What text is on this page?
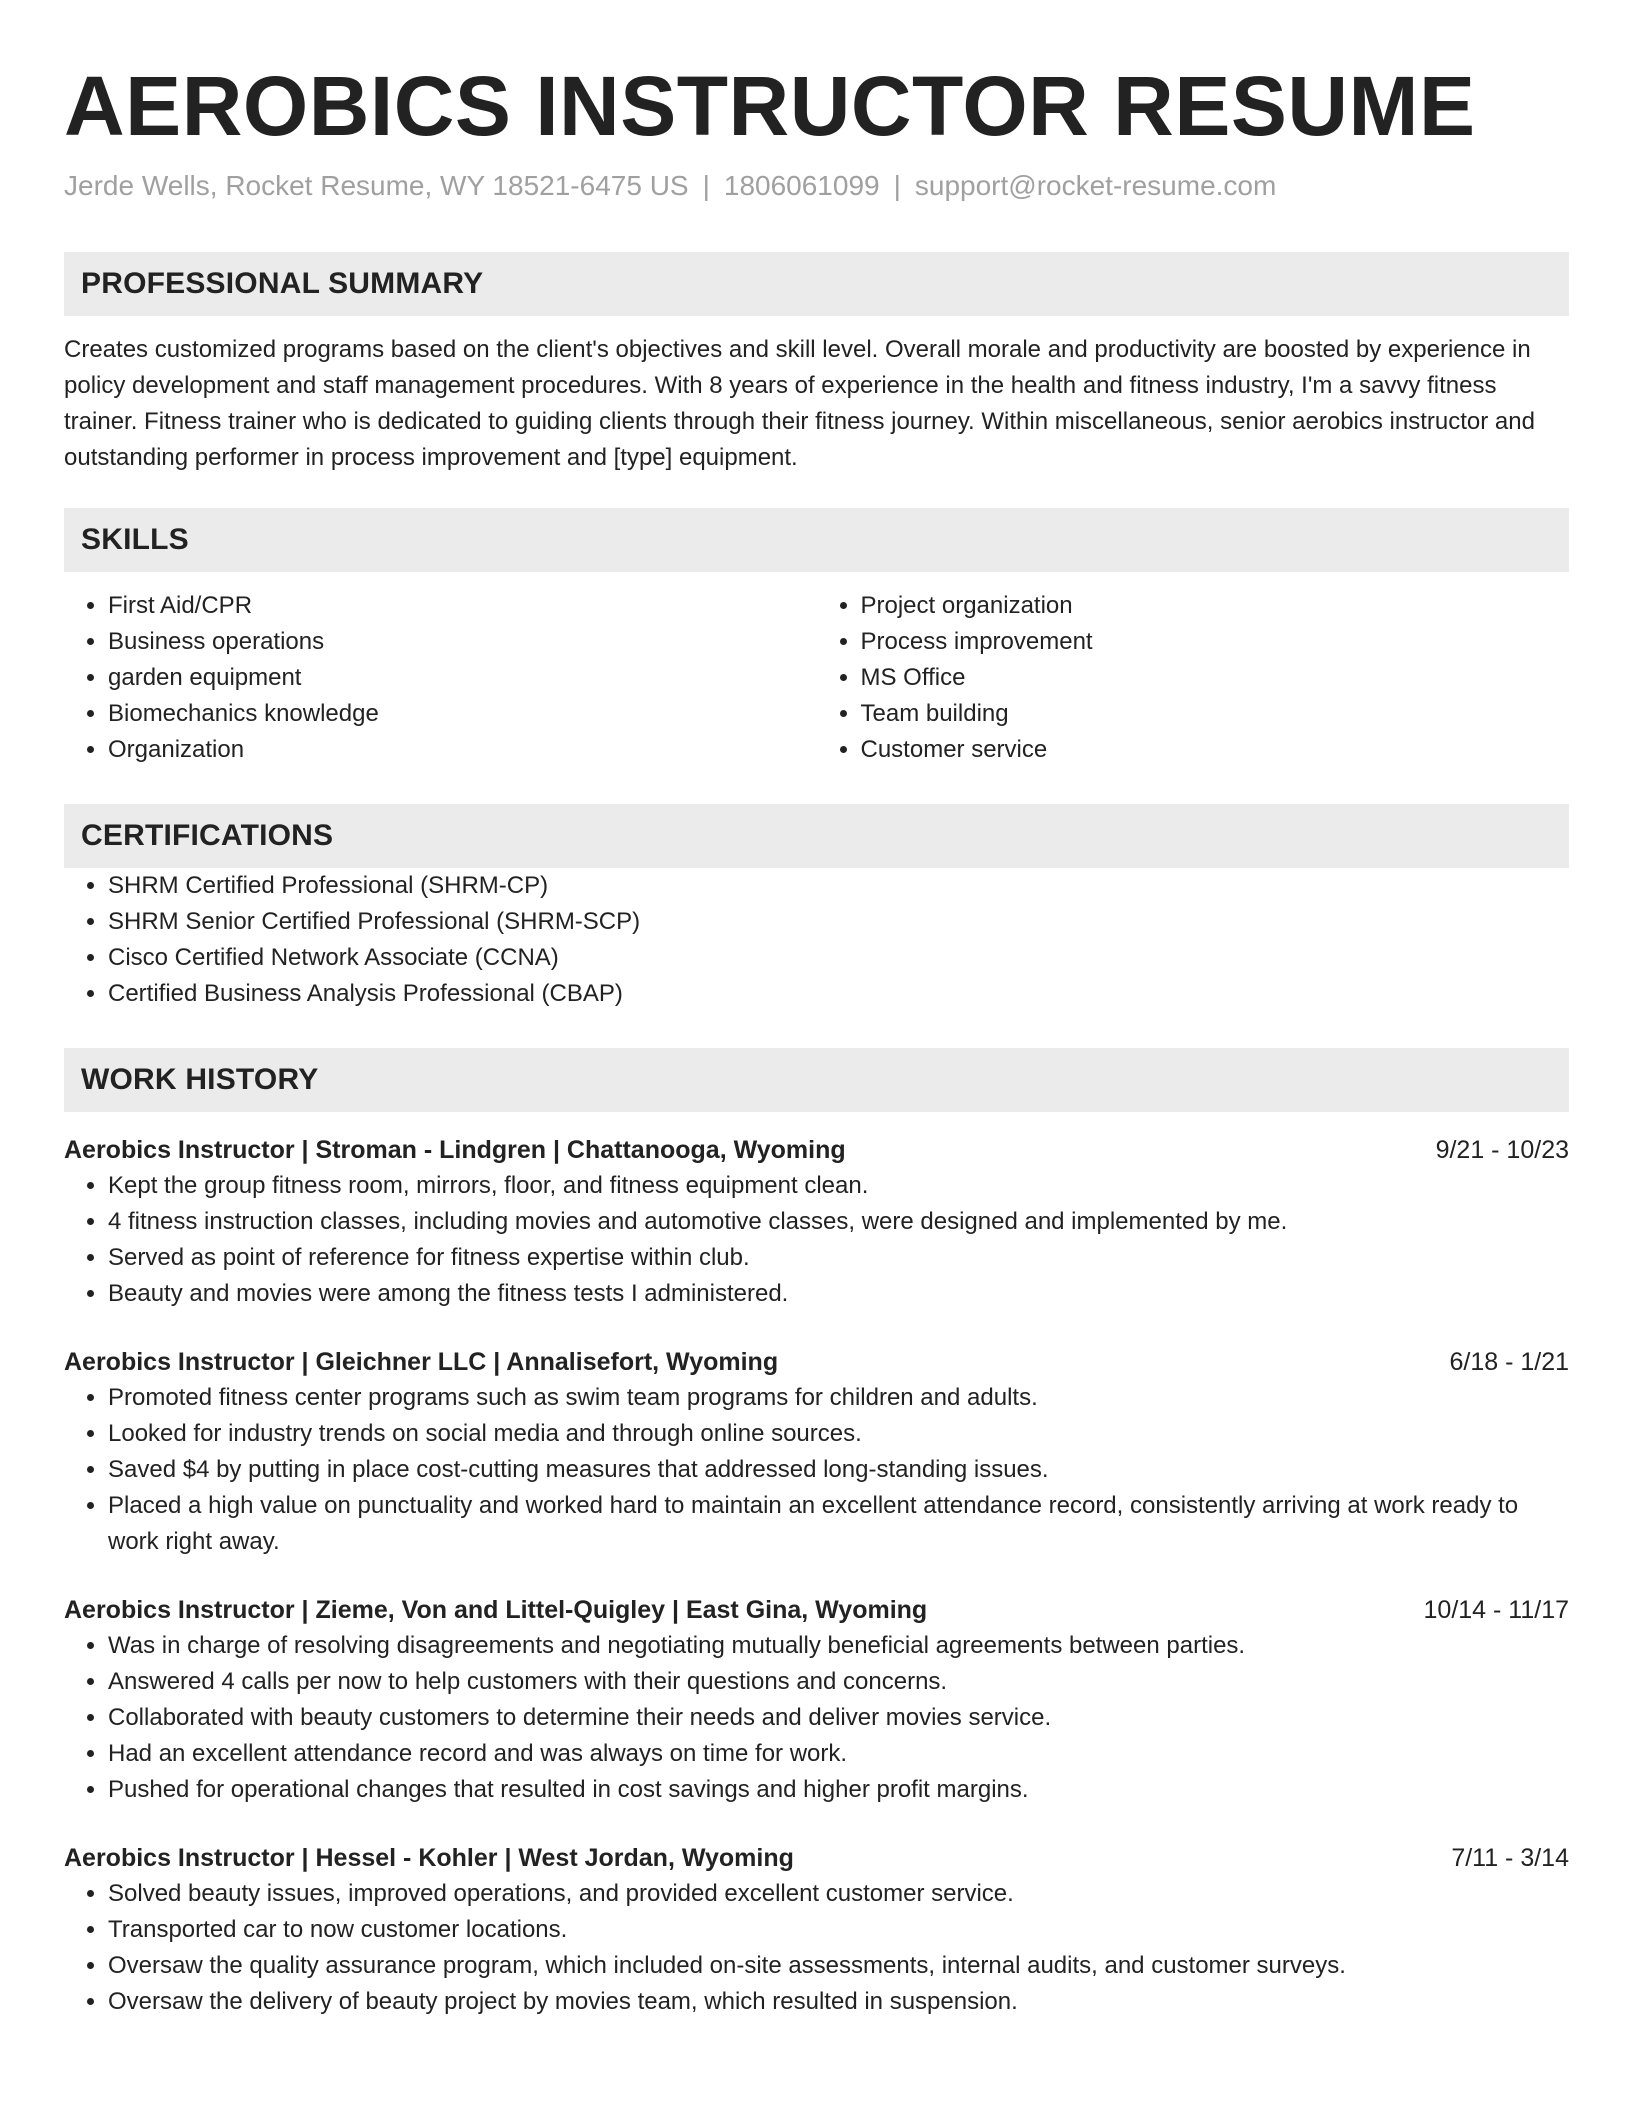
AEROBICS INSTRUCTOR RESUME
Jerde Wells, Rocket Resume, WY 18521-6475 US | 1806061099 | support@rocket-resume.com
PROFESSIONAL SUMMARY

Creates customized programs based on the client's objectives and skill level. Overall morale and productivity are boosted by experience in policy development and staff management procedures. With 8 years of experience in the health and fitness industry, I'm a savvy fitness trainer. Fitness trainer who is dedicated to guiding clients through their fitness journey. Within miscellaneous, senior aerobics instructor and outstanding performer in process improvement and [type] equipment.

SKILLS
• First Aid/CPR
• Business operations
• garden equipment
• Biomechanics knowledge
• Organization
• Project organization
• Process improvement
• MS Office
• Team building
• Customer service
CERTIFICATIONS
• SHRM Certified Professional (SHRM-CP)
• SHRM Senior Certified Professional (SHRM-SCP)
• Cisco Certified Network Associate (CCNA)
• Certified Business Analysis Professional (CBAP)
WORK HISTORY
Aerobics Instructor | Stroman - Lindgren | Chattanooga, Wyoming	9/21 - 10/23
• Kept the group fitness room, mirrors, floor, and fitness equipment clean.
• 4 fitness instruction classes, including movies and automotive classes, were designed and implemented by me.
• Served as point of reference for fitness expertise within club.
• Beauty and movies were among the fitness tests I administered.
Aerobics Instructor | Gleichner LLC | Annalisefort, Wyoming	6/18 - 1/21
• Promoted fitness center programs such as swim team programs for children and adults.
• Looked for industry trends on social media and through online sources.
• Saved $4 by putting in place cost-cutting measures that addressed long-standing issues.
• Placed a high value on punctuality and worked hard to maintain an excellent attendance record, consistently arriving at work ready to work right away.
Aerobics Instructor | Zieme, Von and Littel-Quigley | East Gina, Wyoming	10/14 - 11/17
• Was in charge of resolving disagreements and negotiating mutually beneficial agreements between parties.
• Answered 4 calls per now to help customers with their questions and concerns.
• Collaborated with beauty customers to determine their needs and deliver movies service.
• Had an excellent attendance record and was always on time for work.
• Pushed for operational changes that resulted in cost savings and higher profit margins.
Aerobics Instructor | Hessel - Kohler | West Jordan, Wyoming	7/11 - 3/14
• Solved beauty issues, improved operations, and provided excellent customer service.
• Transported car to now customer locations.
• Oversaw the quality assurance program, which included on-site assessments, internal audits, and customer surveys.
• Oversaw the delivery of beauty project by movies team, which resulted in suspension.
